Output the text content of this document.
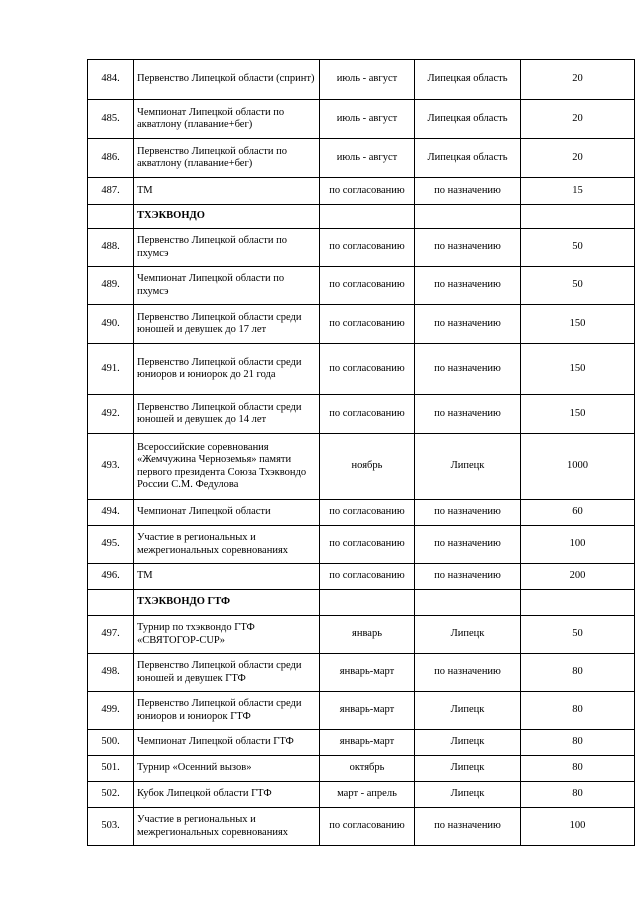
484.	Первенство Липецкой области (спринт)	июль - август	Липецкая область	20
485.	Чемпионат Липецкой области по акватлону (плавание+бег)	июль - август	Липецкая область	20
486.	Первенство Липецкой области по акватлону (плавание+бег)	июль - август	Липецкая область	20
487.	ТМ	по согласованию	по назначению	15
	ТХЭКВОНДО			
488.	Первенство Липецкой области по пхумсэ	по согласованию	по назначению	50
489.	Чемпионат Липецкой области по пхумсэ	по согласованию	по назначению	50
490.	Первенство Липецкой области среди юношей и девушек до 17 лет	по согласованию	по назначению	150
491.	Первенство Липецкой области среди юниоров и юниорок до 21 года	по согласованию	по назначению	150
492.	Первенство Липецкой области среди юношей и девушек до 14 лет	по согласованию	по назначению	150
493.	Всероссийские соревнования «Жемчужина Черноземья» памяти первого президента Союза Тхэквондо России С.М. Федулова	ноябрь	Липецк	1000
494.	Чемпионат Липецкой области	по согласованию	по назначению	60
495.	Участие в региональных и межрегиональных соревнованиях	по согласованию	по назначению	100
496.	ТМ	по согласованию	по назначению	200
	ТХЭКВОНДО ГТФ			
497.	Турнир по тхэквондо ГТФ «СВЯТОГОР-CUP»	январь	Липецк	50
498.	Первенство Липецкой области среди юношей и девушек ГТФ	январь-март	по назначению	80
499.	Первенство Липецкой области среди юниоров и юниорок ГТФ	январь-март	Липецк	80
500.	Чемпионат Липецкой области ГТФ	январь-март	Липецк	80
501.	Турнир «Осенний вызов»	октябрь	Липецк	80
502.	Кубок Липецкой области ГТФ	март - апрель	Липецк	80
503.	Участие в региональных и межрегиональных соревнованиях	по согласованию	по назначению	100
